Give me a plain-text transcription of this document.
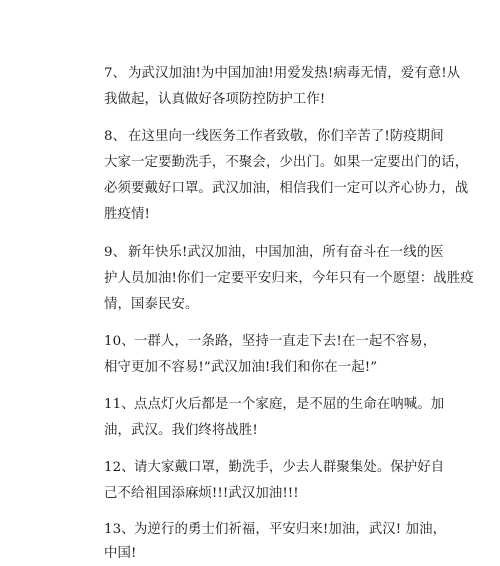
7、 为武汉加油!为中国加油!用爱发热!病毒无情，爱有意!从
我做起，认真做好各项防控防护工作!
8、 在这里向一线医务工作者致敬，你们辛苦了!防疫期间
大家一定要勤洗手，不聚会，少出门。如果一定要出门的话，
必须要戴好口罩。武汉加油，相信我们一定可以齐心协力，战
胜疫情!
9、 新年快乐!武汉加油，中国加油，所有奋斗在一线的医
护人员加油!你们一定要平安归来，今年只有一个愿望：战胜疫
情，国泰民安。
10、 一群人，一条路，坚持一直走下去!在一起不容易，
相守更加不容易!”武汉加油!我们和你在一起!”
11、 点点灯火后都是一个家庭，是不屈的生命在呐喊。加
油，武汉。我们终将战胜!
12、 请大家戴口罩，勤洗手，少去人群聚集处。保护好自
己不给祖国添麻烦!!!武汉加油!!!
13、 为逆行的勇士们祈福，平安归来!加油，武汉! 加油，
中国!
